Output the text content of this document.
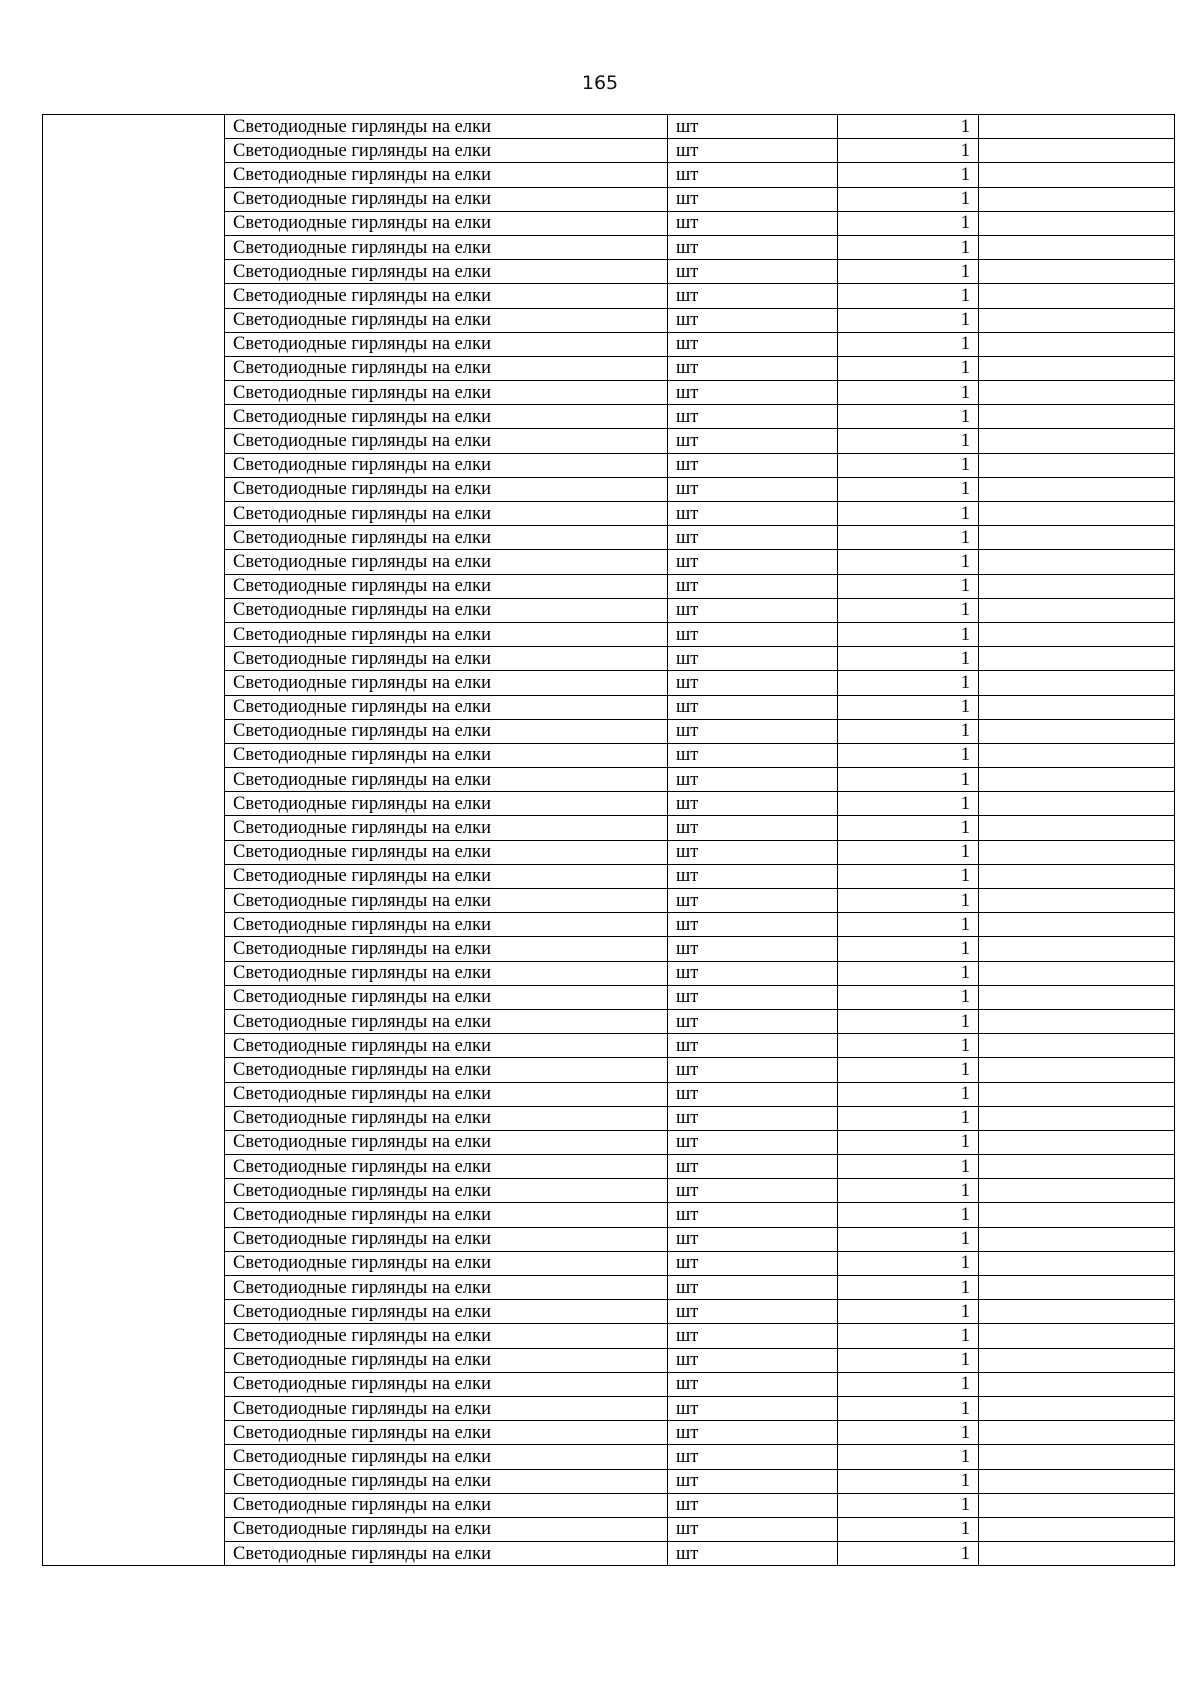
165
	Светодиодные гирлянды на елки	шт	1	
	Светодиодные гирлянды на елки	шт	1	
	Светодиодные гирлянды на елки	шт	1	
	Светодиодные гирлянды на елки	шт	1	
	Светодиодные гирлянды на елки	шт	1	
	Светодиодные гирлянды на елки	шт	1	
	Светодиодные гирлянды на елки	шт	1	
	Светодиодные гирлянды на елки	шт	1	
	Светодиодные гирлянды на елки	шт	1	
	Светодиодные гирлянды на елки	шт	1	
	Светодиодные гирлянды на елки	шт	1	
	Светодиодные гирлянды на елки	шт	1	
	Светодиодные гирлянды на елки	шт	1	
	Светодиодные гирлянды на елки	шт	1	
	Светодиодные гирлянды на елки	шт	1	
	Светодиодные гирлянды на елки	шт	1	
	Светодиодные гирлянды на елки	шт	1	
	Светодиодные гирлянды на елки	шт	1	
	Светодиодные гирлянды на елки	шт	1	
	Светодиодные гирлянды на елки	шт	1	
	Светодиодные гирлянды на елки	шт	1	
	Светодиодные гирлянды на елки	шт	1	
	Светодиодные гирлянды на елки	шт	1	
	Светодиодные гирлянды на елки	шт	1	
	Светодиодные гирлянды на елки	шт	1	
	Светодиодные гирлянды на елки	шт	1	
	Светодиодные гирлянды на елки	шт	1	
	Светодиодные гирлянды на елки	шт	1	
	Светодиодные гирлянды на елки	шт	1	
	Светодиодные гирлянды на елки	шт	1	
	Светодиодные гирлянды на елки	шт	1	
	Светодиодные гирлянды на елки	шт	1	
	Светодиодные гирлянды на елки	шт	1	
	Светодиодные гирлянды на елки	шт	1	
	Светодиодные гирлянды на елки	шт	1	
	Светодиодные гирлянды на елки	шт	1	
	Светодиодные гирлянды на елки	шт	1	
	Светодиодные гирлянды на елки	шт	1	
	Светодиодные гирлянды на елки	шт	1	
	Светодиодные гирлянды на елки	шт	1	
	Светодиодные гирлянды на елки	шт	1	
	Светодиодные гирлянды на елки	шт	1	
	Светодиодные гирлянды на елки	шт	1	
	Светодиодные гирлянды на елки	шт	1	
	Светодиодные гирлянды на елки	шт	1	
	Светодиодные гирлянды на елки	шт	1	
	Светодиодные гирлянды на елки	шт	1	
	Светодиодные гирлянды на елки	шт	1	
	Светодиодные гирлянды на елки	шт	1	
	Светодиодные гирлянды на елки	шт	1	
	Светодиодные гирлянды на елки	шт	1	
	Светодиодные гирлянды на елки	шт	1	
	Светодиодные гирлянды на елки	шт	1	
	Светодиодные гирлянды на елки	шт	1	
	Светодиодные гирлянды на елки	шт	1	
	Светодиодные гирлянды на елки	шт	1	
	Светодиодные гирлянды на елки	шт	1	
	Светодиодные гирлянды на елки	шт	1	
	Светодиодные гирлянды на елки	шт	1	
	Светодиодные гирлянды на елки	шт	1	
